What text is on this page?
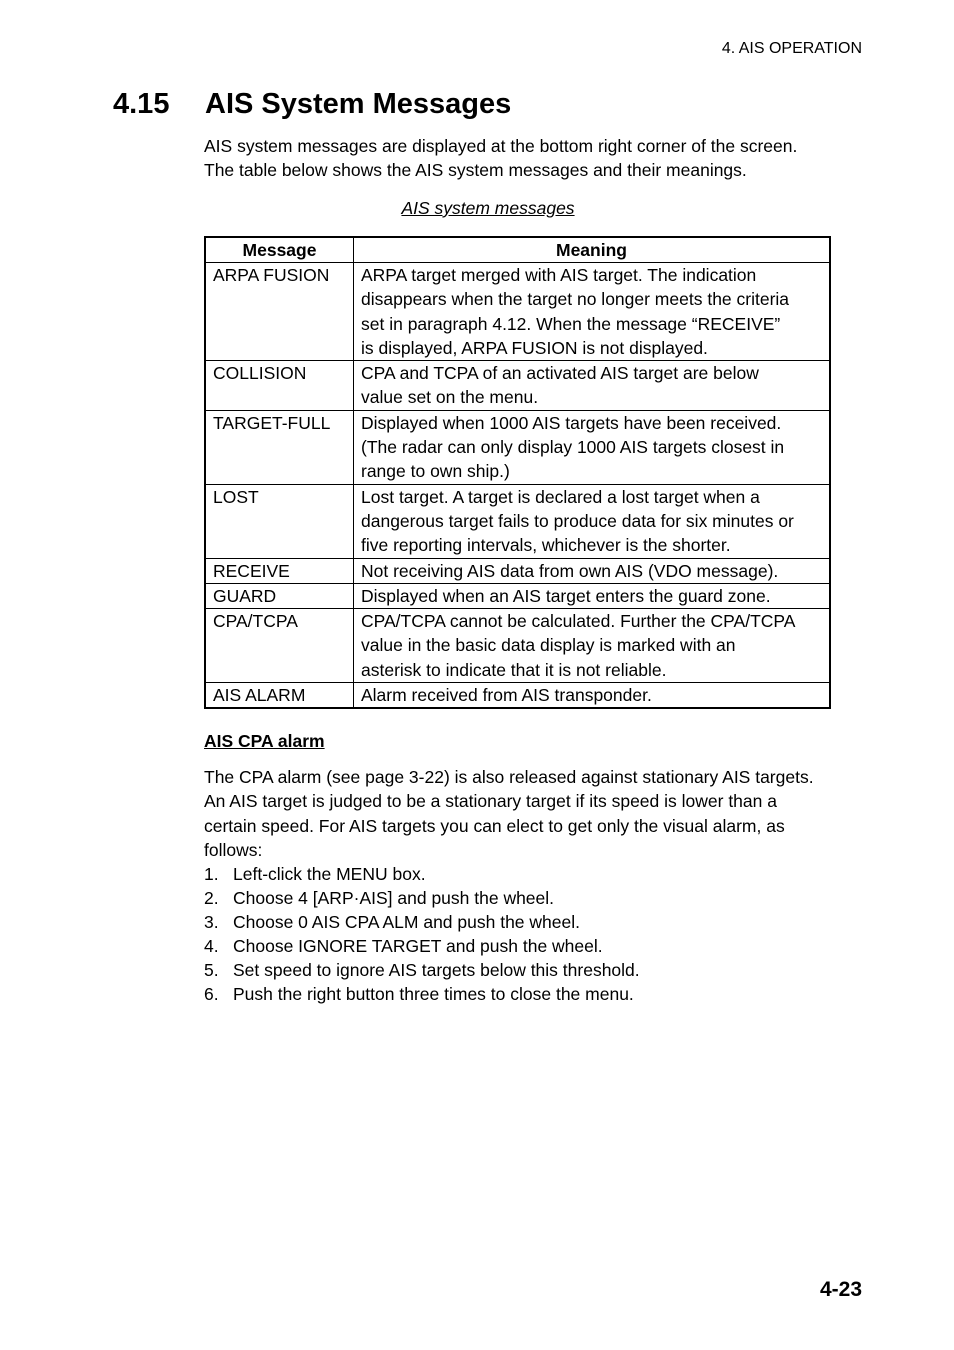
4. AIS OPERATION
4.15 AIS System Messages

AIS system messages are displayed at the bottom right corner of the screen.
The table below shows the AIS system messages and their meanings.

AIS system messages
Message	Meaning
ARPA FUSION	ARPA target merged with AIS target. The indication
disappears when the target no longer meets the criteria
set in paragraph 4.12. When the message “RECEIVE”
is displayed, ARPA FUSION is not displayed.
COLLISION	CPA and TCPA of an activated AIS target are below
value set on the menu.
TARGET-FULL	Displayed when 1000 AIS targets have been received.
(The radar can only display 1000 AIS targets closest in
range to own ship.)
LOST	Lost target. A target is declared a lost target when a
dangerous target fails to produce data for six minutes or
five reporting intervals, whichever is the shorter.
RECEIVE	Not receiving AIS data from own AIS (VDO message).
GUARD	Displayed when an AIS target enters the guard zone.
CPA/TCPA	CPA/TCPA cannot be calculated. Further the CPA/TCPA
value in the basic data display is marked with an
asterisk to indicate that it is not reliable.
AIS ALARM	Alarm received from AIS transponder.
AIS CPA alarm

The CPA alarm (see page 3-22) is also released against stationary AIS targets.
An AIS target is judged to be a stationary target if its speed is lower than a
certain speed. For AIS targets you can elect to get only the visual alarm, as
follows:

1. Left-click the MENU box.
2. Choose 4 [ARP·AIS] and push the wheel.
3. Choose 0 AIS CPA ALM and push the wheel.
4. Choose IGNORE TARGET and push the wheel.
5. Set speed to ignore AIS targets below this threshold.
6. Push the right button three times to close the menu.
4-23
